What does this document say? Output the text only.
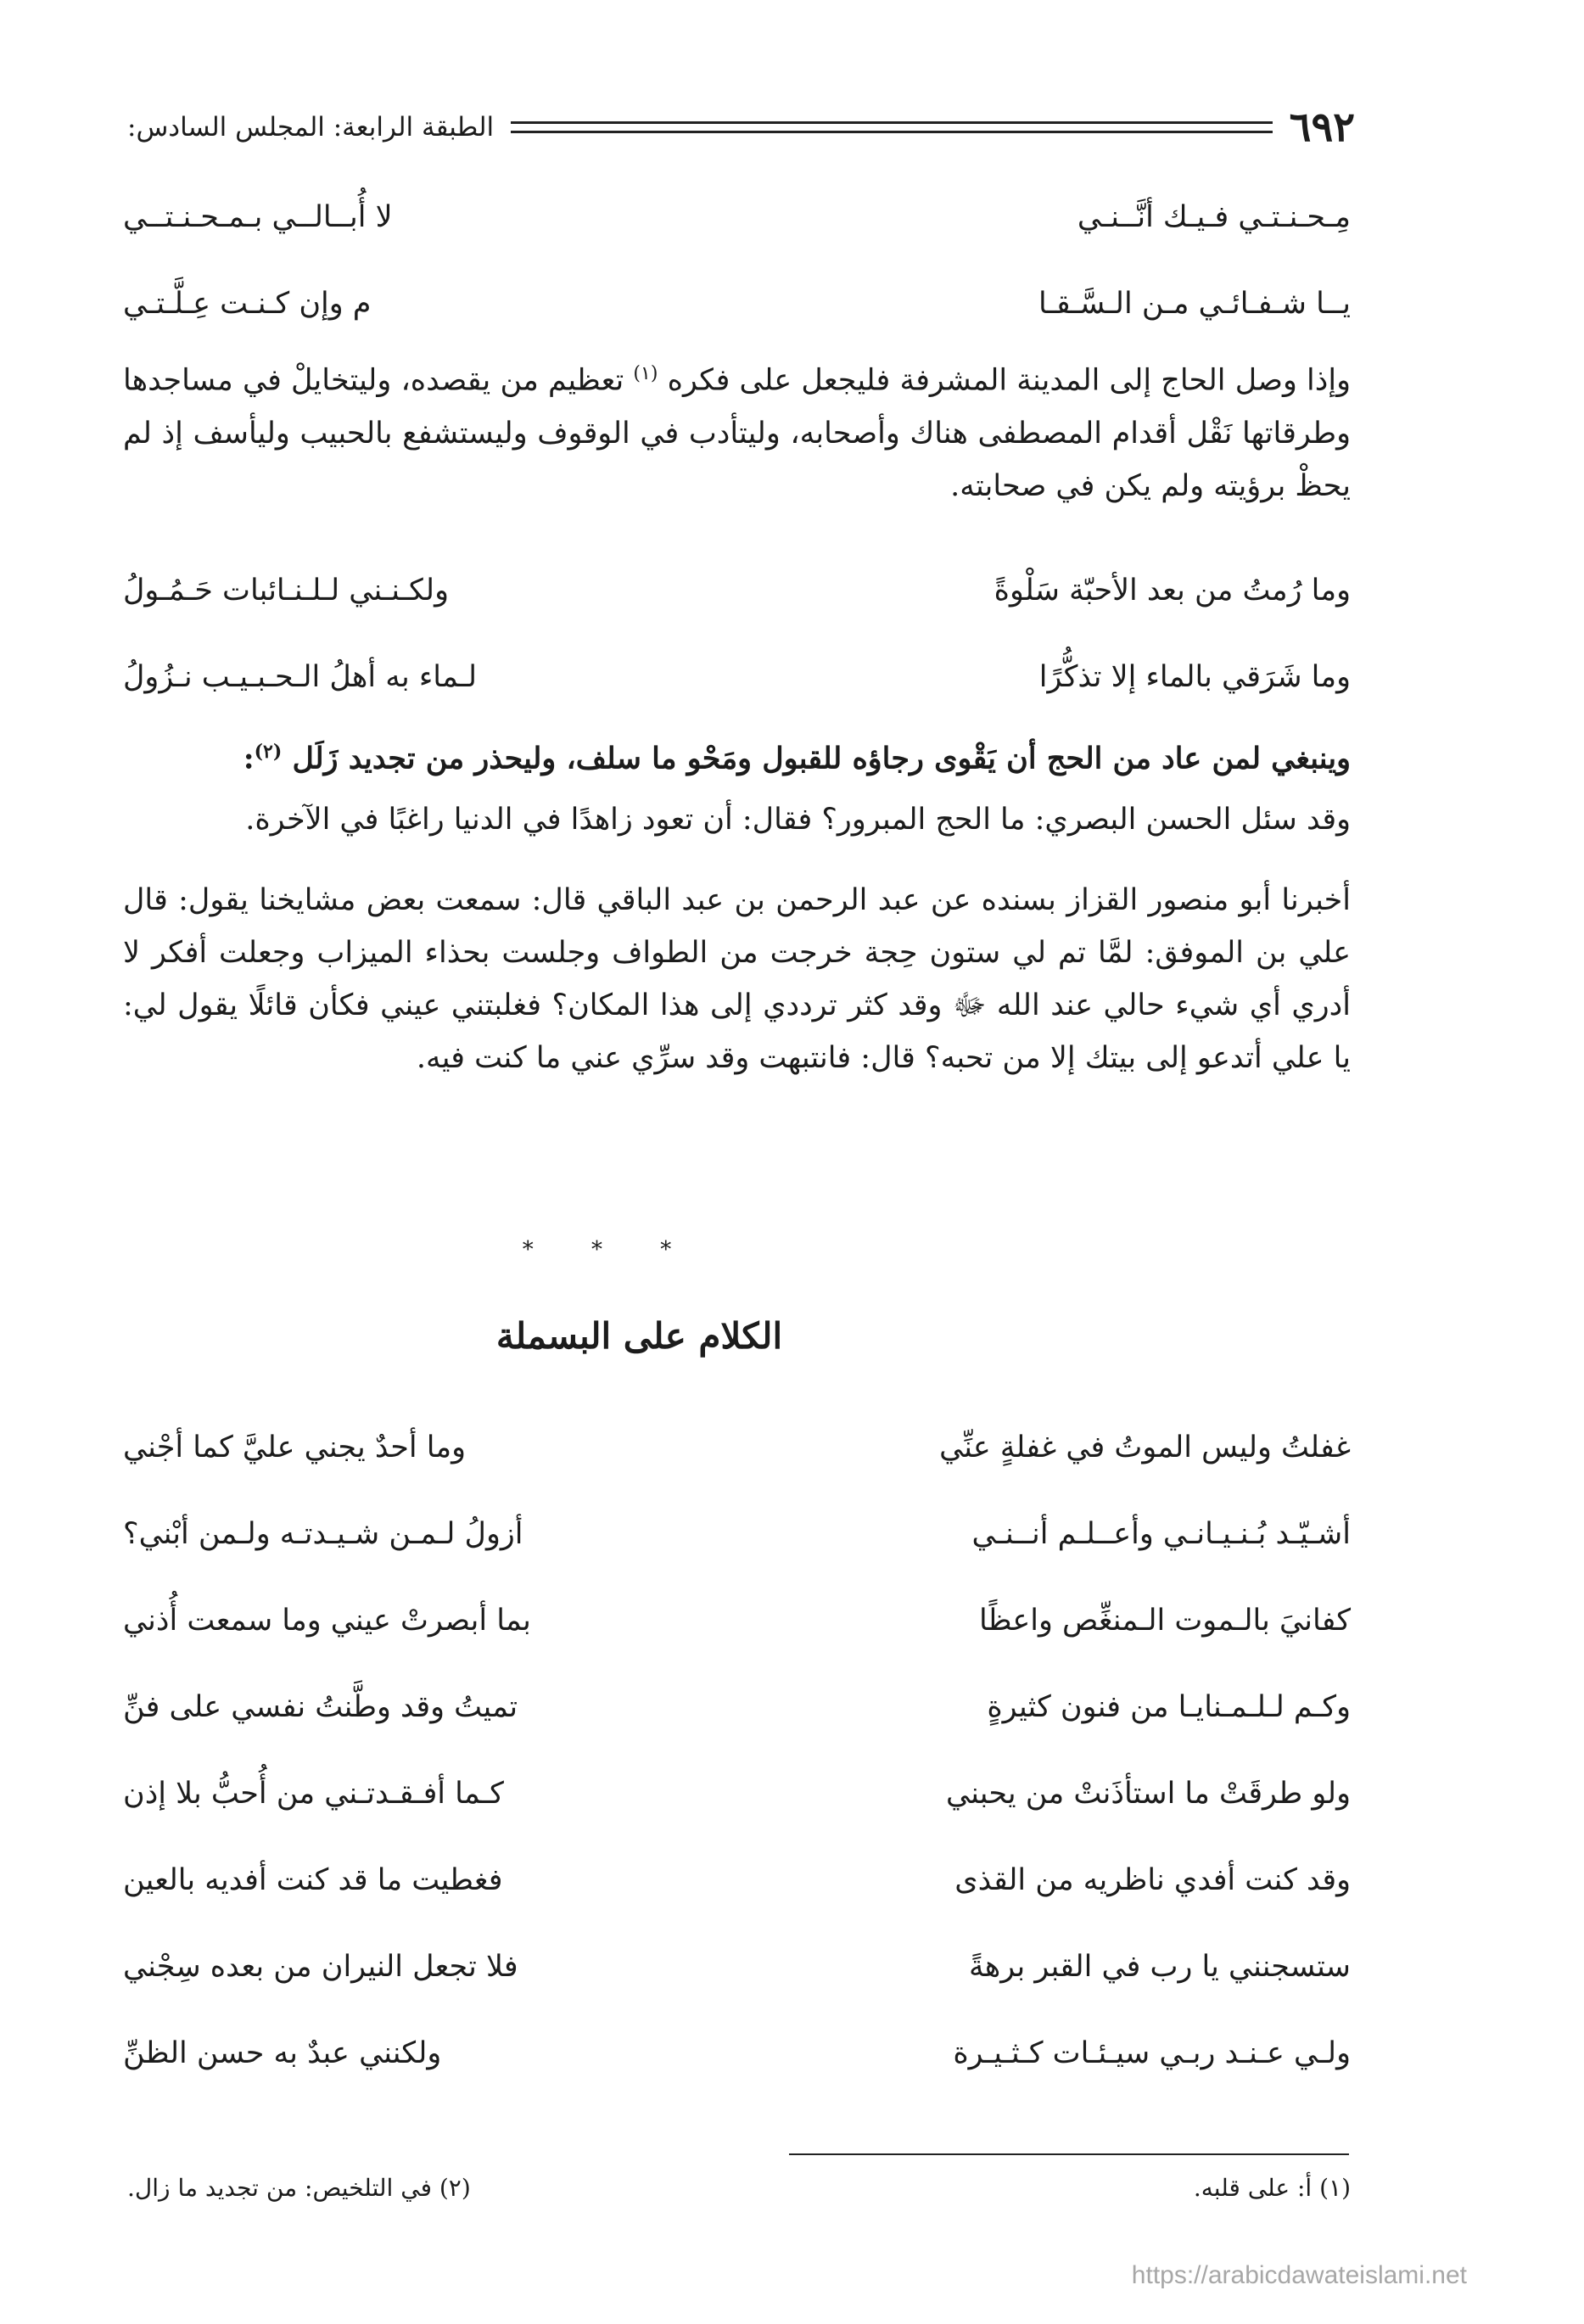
٦٩٢
الطبقة الرابعة: المجلس السادس:
مِـحـنـتـي فـيـك أنَّــنـي
لا أُبــالــي بـمـحـنـتــي
يــا شـفـائـي مـن الـسَّـقـا
م وإن كـنـت عِـلَّـتـي

وإذا وصل الحاج إلى المدينة المشرفة فليجعل على فكره $^{(١)}$ تعظيم من يقصده، وليتخايلْ في مساجدها وطرقاتها نَقْل أقدام المصطفى هناك وأصحابه، وليتأدب في الوقوف وليستشفع بالحبيب وليأسف إذ لم يحظْ برؤيته ولم يكن في صحابته.

وما رُمتُ من بعد الأحبّة سَلْوةً
ولكـنـني لـلـنـائبات حَـمُـولُ
وما شَرَقي بالماء إلا تذكُّرًا
لـماء به أهلُ الـحـبـيـب نـزُولُ

وينبغي لمن عاد من الحج أن يَقْوى رجاؤه للقبول ومَحْو ما سلف، وليحذر من تجديد زَلَل $^{(٢)}$:

وقد سئل الحسن البصري: ما الحج المبرور؟ فقال: أن تعود زاهدًا في الدنيا راغبًا في الآخرة.

أخبرنا أبو منصور القزاز بسنده عن عبد الرحمن بن عبد الباقي قال: سمعت بعض مشايخنا يقول: قال علي بن الموفق: لمَّا تم لي ستون حِجة خرجت من الطواف وجلست بحذاء الميزاب وجعلت أفكر لا أدري أي شيء حالي عند الله ﷻ وقد كثر ترددي إلى هذا المكان؟ فغلبتني عيني فكأن قائلًا يقول لي: يا علي أتدعو إلى بيتك إلا من تحبه؟ قال: فانتبهت وقد سرِّي عني ما كنت فيه.

* * *
الكلام على البسملة
غفلتُ وليس الموتُ في غفلةٍ عنِّي
وما أحدٌ يجني عليَّ كما أجْني
أشـيّـد بُـنـيـانـي وأعــلـم أنــنـي
أزولُ لـمـن شـيـدتـه ولـمن أبْني؟
كفانيَ بالـموت الـمنغِّص واعظًا
بما أبصرتْ عيني وما سمعت أُذني
وكـم لـلـمـنايـا من فنون كثيرةٍ
تميتُ وقد وطَّنتُ نفسي على فنِّ
ولو طرقَتْ ما استأذَنتْ من يحبني
كـما أفـقـدتـني من أُحبُّ بلا إذن
وقد كنت أفدي ناظريه من القذى
فغطيت ما قد كنت أفديه بالعين
ستسجنني يا رب في القبر برهةً
فلا تجعل النيران من بعده سِجْني
ولـي عـنـد ربـي سيـئـات كـثـيـرة
ولكنني عبدٌ به حسن الظنِّ
(١) أ: على قلبه.
(٢) في التلخيص: من تجديد ما زال.
https://arabicdawateislami.net
